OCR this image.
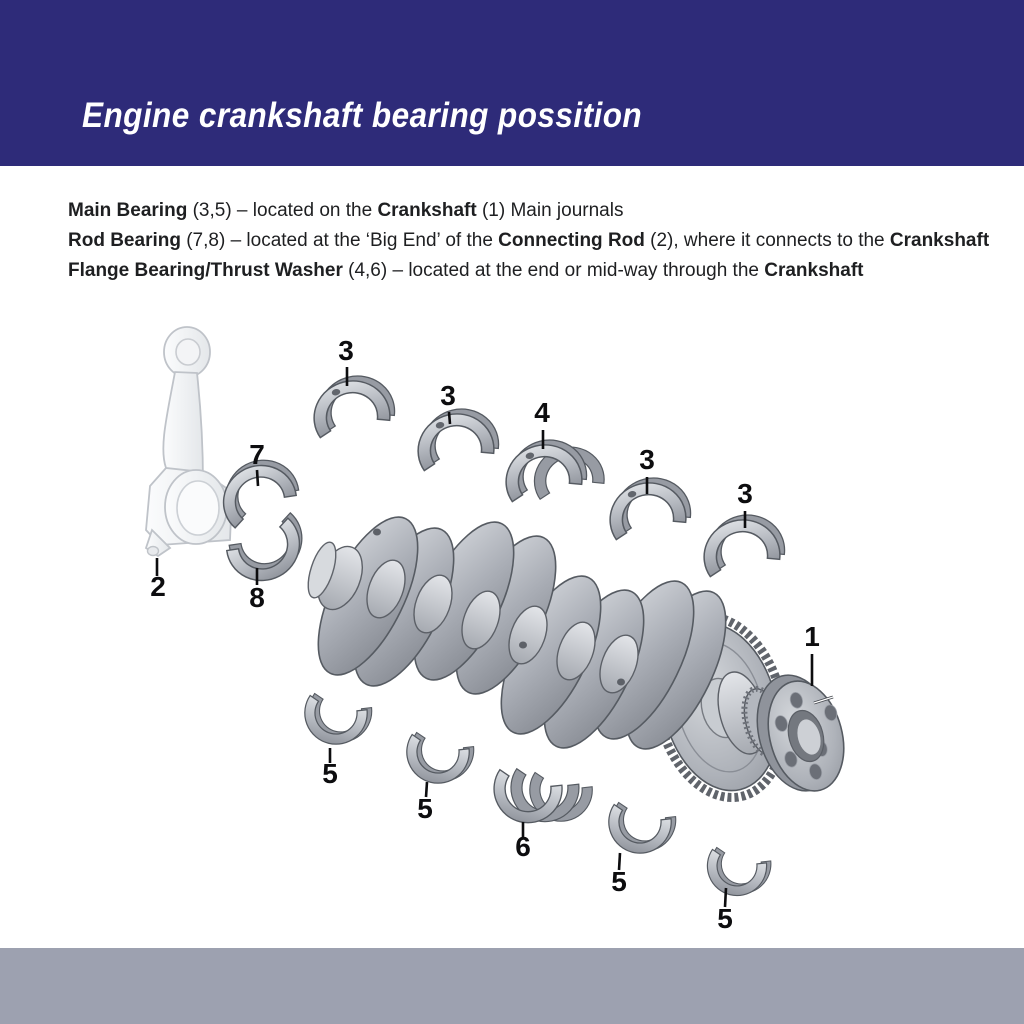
Engine crankshaft bearing possition

Main Bearing (3,5) – located on the Crankshaft (1) Main journals

Rod Bearing (7,8) – located at the ‘Big End’ of the Connecting Rod (2), where it connects to the Crankshaft

Flange Bearing/Thrust Washer (4,6) – located at the end or mid-way through the Crankshaft

1
2
3
3
4
3
3
7
8
5
5
6
5
5
